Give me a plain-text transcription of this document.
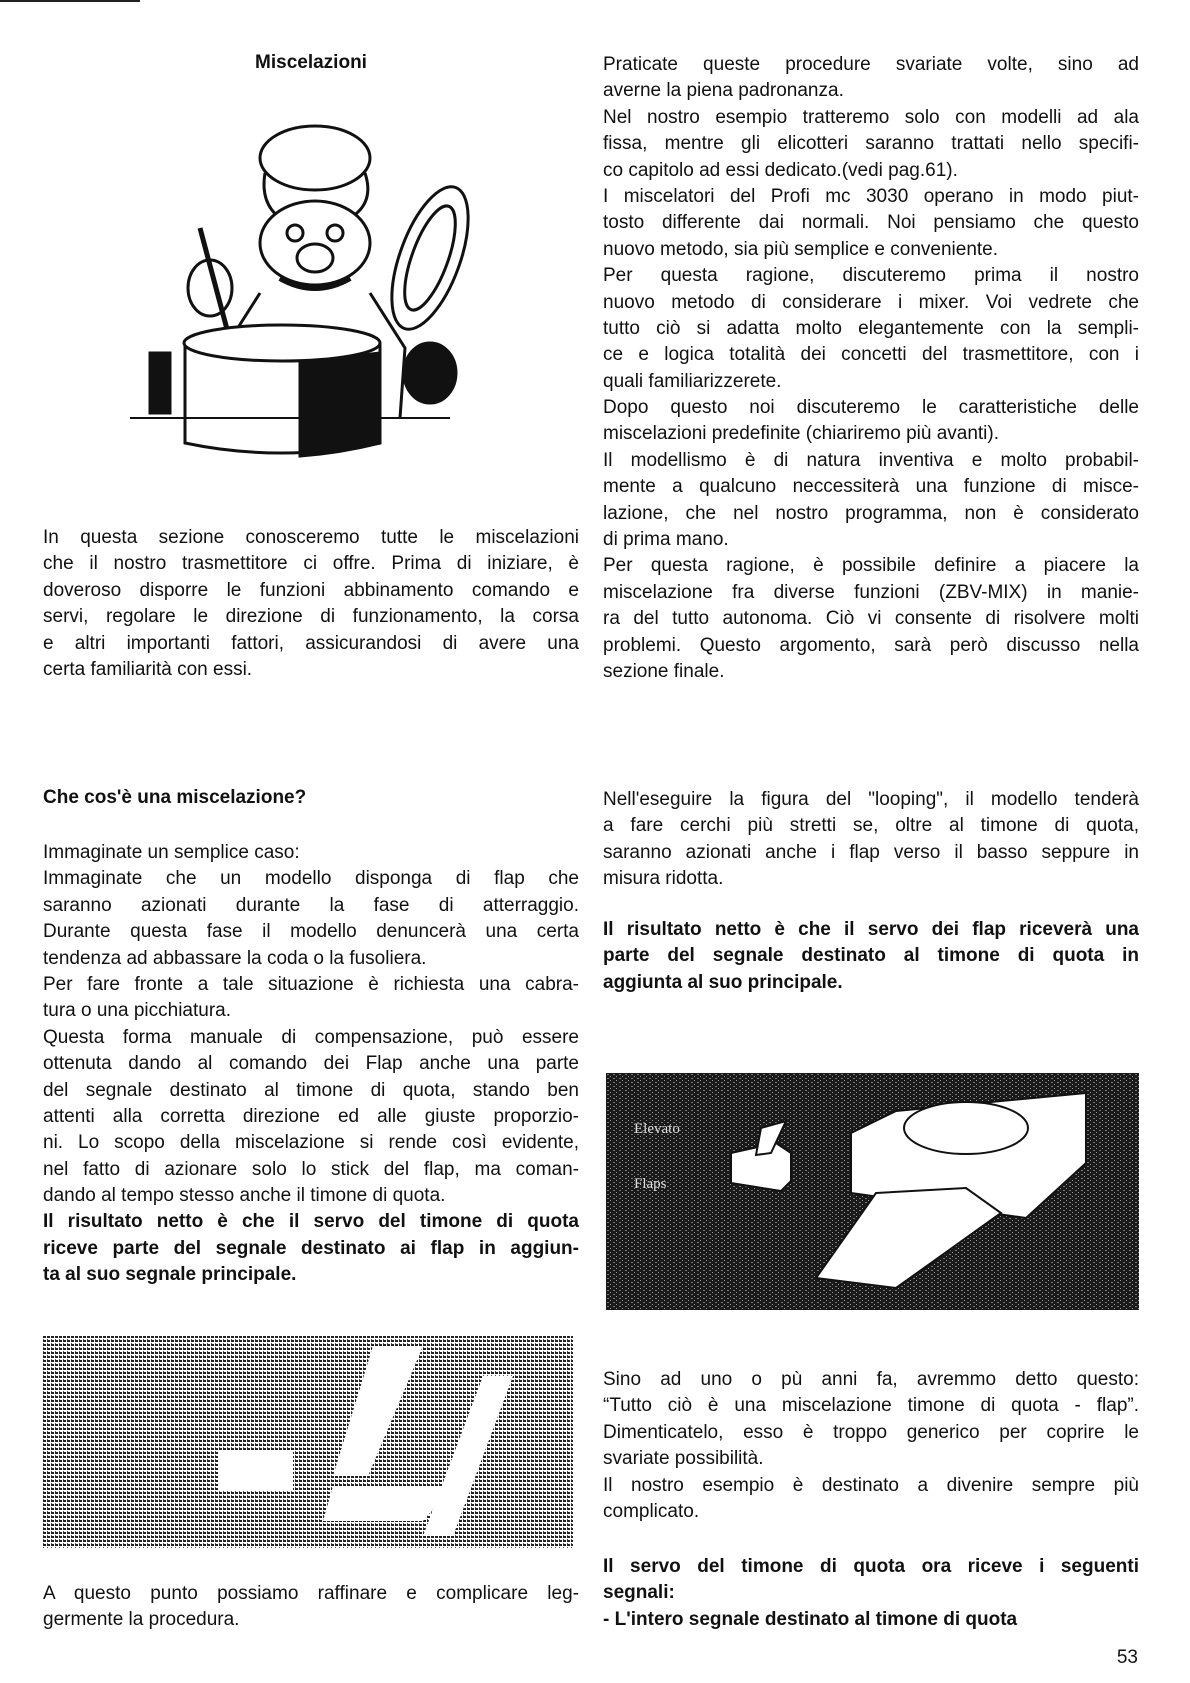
Miscelazioni	Praticate queste procedure svariate volte, sino ad
averne la piena padronanza.
Nel nostro esempio tratteremo solo con modelli ad ala
fissa, mentre gli elicotteri saranno trattati nello specifi-
co capitolo ad essi dedicato.(vedi pag.61).
I miscelatori del Profi mc 3030 operano in modo piut-
tosto differente dai normali. Noi pensiamo che questo
nuovo metodo, sia più semplice e conveniente.
Per questa ragione, discuteremo prima il nostro
nuovo metodo di considerare i mixer. Voi vedrete che
tutto ciò si adatta molto elegantemente con la sempli-
ce e logica totalità dei concetti del trasmettitore, con i
quali familiarizzerete.
Dopo questo noi discuteremo le caratteristiche delle
miscelazioni predefinite (chiariremo più avanti).
Il modellismo è di natura inventiva e molto probabil-
mente a qualcuno neccessiterà una funzione di misce-
lazione, che nel nostro programma, non è considerato
di prima mano.
Per questa ragione, è possibile definire a piacere la
miscelazione fra diverse funzioni (ZBV-MIX) in manie-
ra del tutto autonoma. Ciò vi consente di risolvere molti
problemi. Questo argomento, sarà però discusso nella
sezione finale.
In questa sezione conosceremo tutte le miscelazioni
che il nostro trasmettitore ci offre. Prima di iniziare, è
doveroso disporre le funzioni abbinamento comando e
servi, regolare le direzione di funzionamento, la corsa
e altri importanti fattori, assicurandosi di avere una
certa familiarità con essi.
Che cos'è una miscelazione?
Immaginate un semplice caso:
Immaginate che un modello disponga di flap che
saranno azionati durante la fase di atterraggio.
Durante questa fase il modello denuncerà una certa
tendenza ad abbassare la coda o la fusoliera.
Per fare fronte a tale situazione è richiesta una cabra-
tura o una picchiatura.
Questa forma manuale di compensazione, può essere
ottenuta dando al comando dei Flap anche una parte
del segnale destinato al timone di quota, stando ben
attenti alla corretta direzione ed alle giuste proporzio-
ni. Lo scopo della miscelazione si rende così evidente,
nel fatto di azionare solo lo stick del flap, ma coman-
dando al tempo stesso anche il timone di quota.
Il risultato netto è che il servo del timone di quota
riceve parte del segnale destinato ai flap in aggiun-
ta al suo segnale principale.
Nell'eseguire la figura del "looping", il modello tenderà
a fare cerchi più stretti se, oltre al timone di quota,
saranno azionati anche i flap verso il basso seppure in
misura ridotta.
Il risultato netto è che il servo dei flap riceverà una
parte del segnale destinato al timone di quota in
aggiunta al suo principale.
Elevato
Flaps
Sino ad uno o pù anni fa, avremmo detto questo:
“Tutto ciò è una miscelazione timone di quota - flap”.
Dimenticatelo, esso è troppo generico per coprire le
svariate possibilità.
Il nostro esempio è destinato a divenire sempre più
complicato.
Il servo del timone di quota ora riceve i seguenti
segnali:
- L'intero segnale destinato al timone di quota
A questo punto possiamo raffinare e complicare leg-
germente la procedura.
53
